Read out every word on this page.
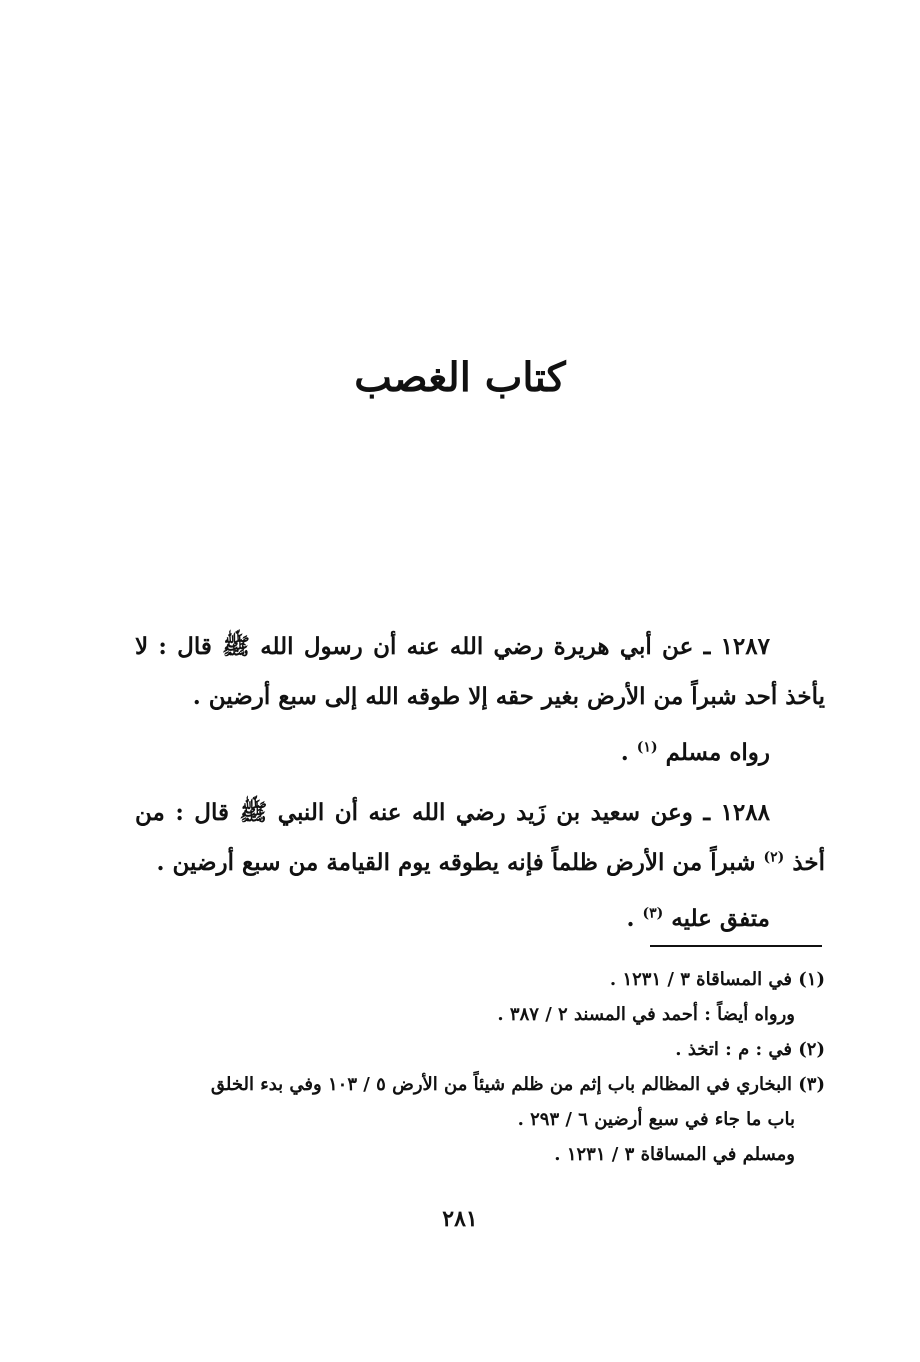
كتاب الغصب

١٢٨٧ ـ عن أبي هريرة رضي الله عنه أن رسول الله ﷺ قال : لا يأخذ أحد شبراً من الأرض بغير حقه إلا طوقه الله إلى سبع أرضين .

رواه مسلم $^{(١)}$ .

١٢٨٨ ـ وعن سعيد بن زَيد رضي الله عنه أن النبي ﷺ قال : من أخذ $^{(٢)}$ شبراً من الأرض ظلماً فإنه يطوقه يوم القيامة من سبع أرضين .

متفق عليه $^{(٣)}$ .

(١) في المساقاة ٣ / ١٢٣١ .

ورواه أيضاً : أحمد في المسند ٢ / ٣٨٧ .

(٢) في : م : اتخذ .

(٣) البخاري في المظالم باب إثم من ظلم شيئاً من الأرض ٥ / ١٠٣ وفي بدء الخلق

باب ما جاء في سبع أرضين ٦ / ٢٩٣ .

ومسلم في المساقاة ٣ / ١٢٣١ .

٢٨١
